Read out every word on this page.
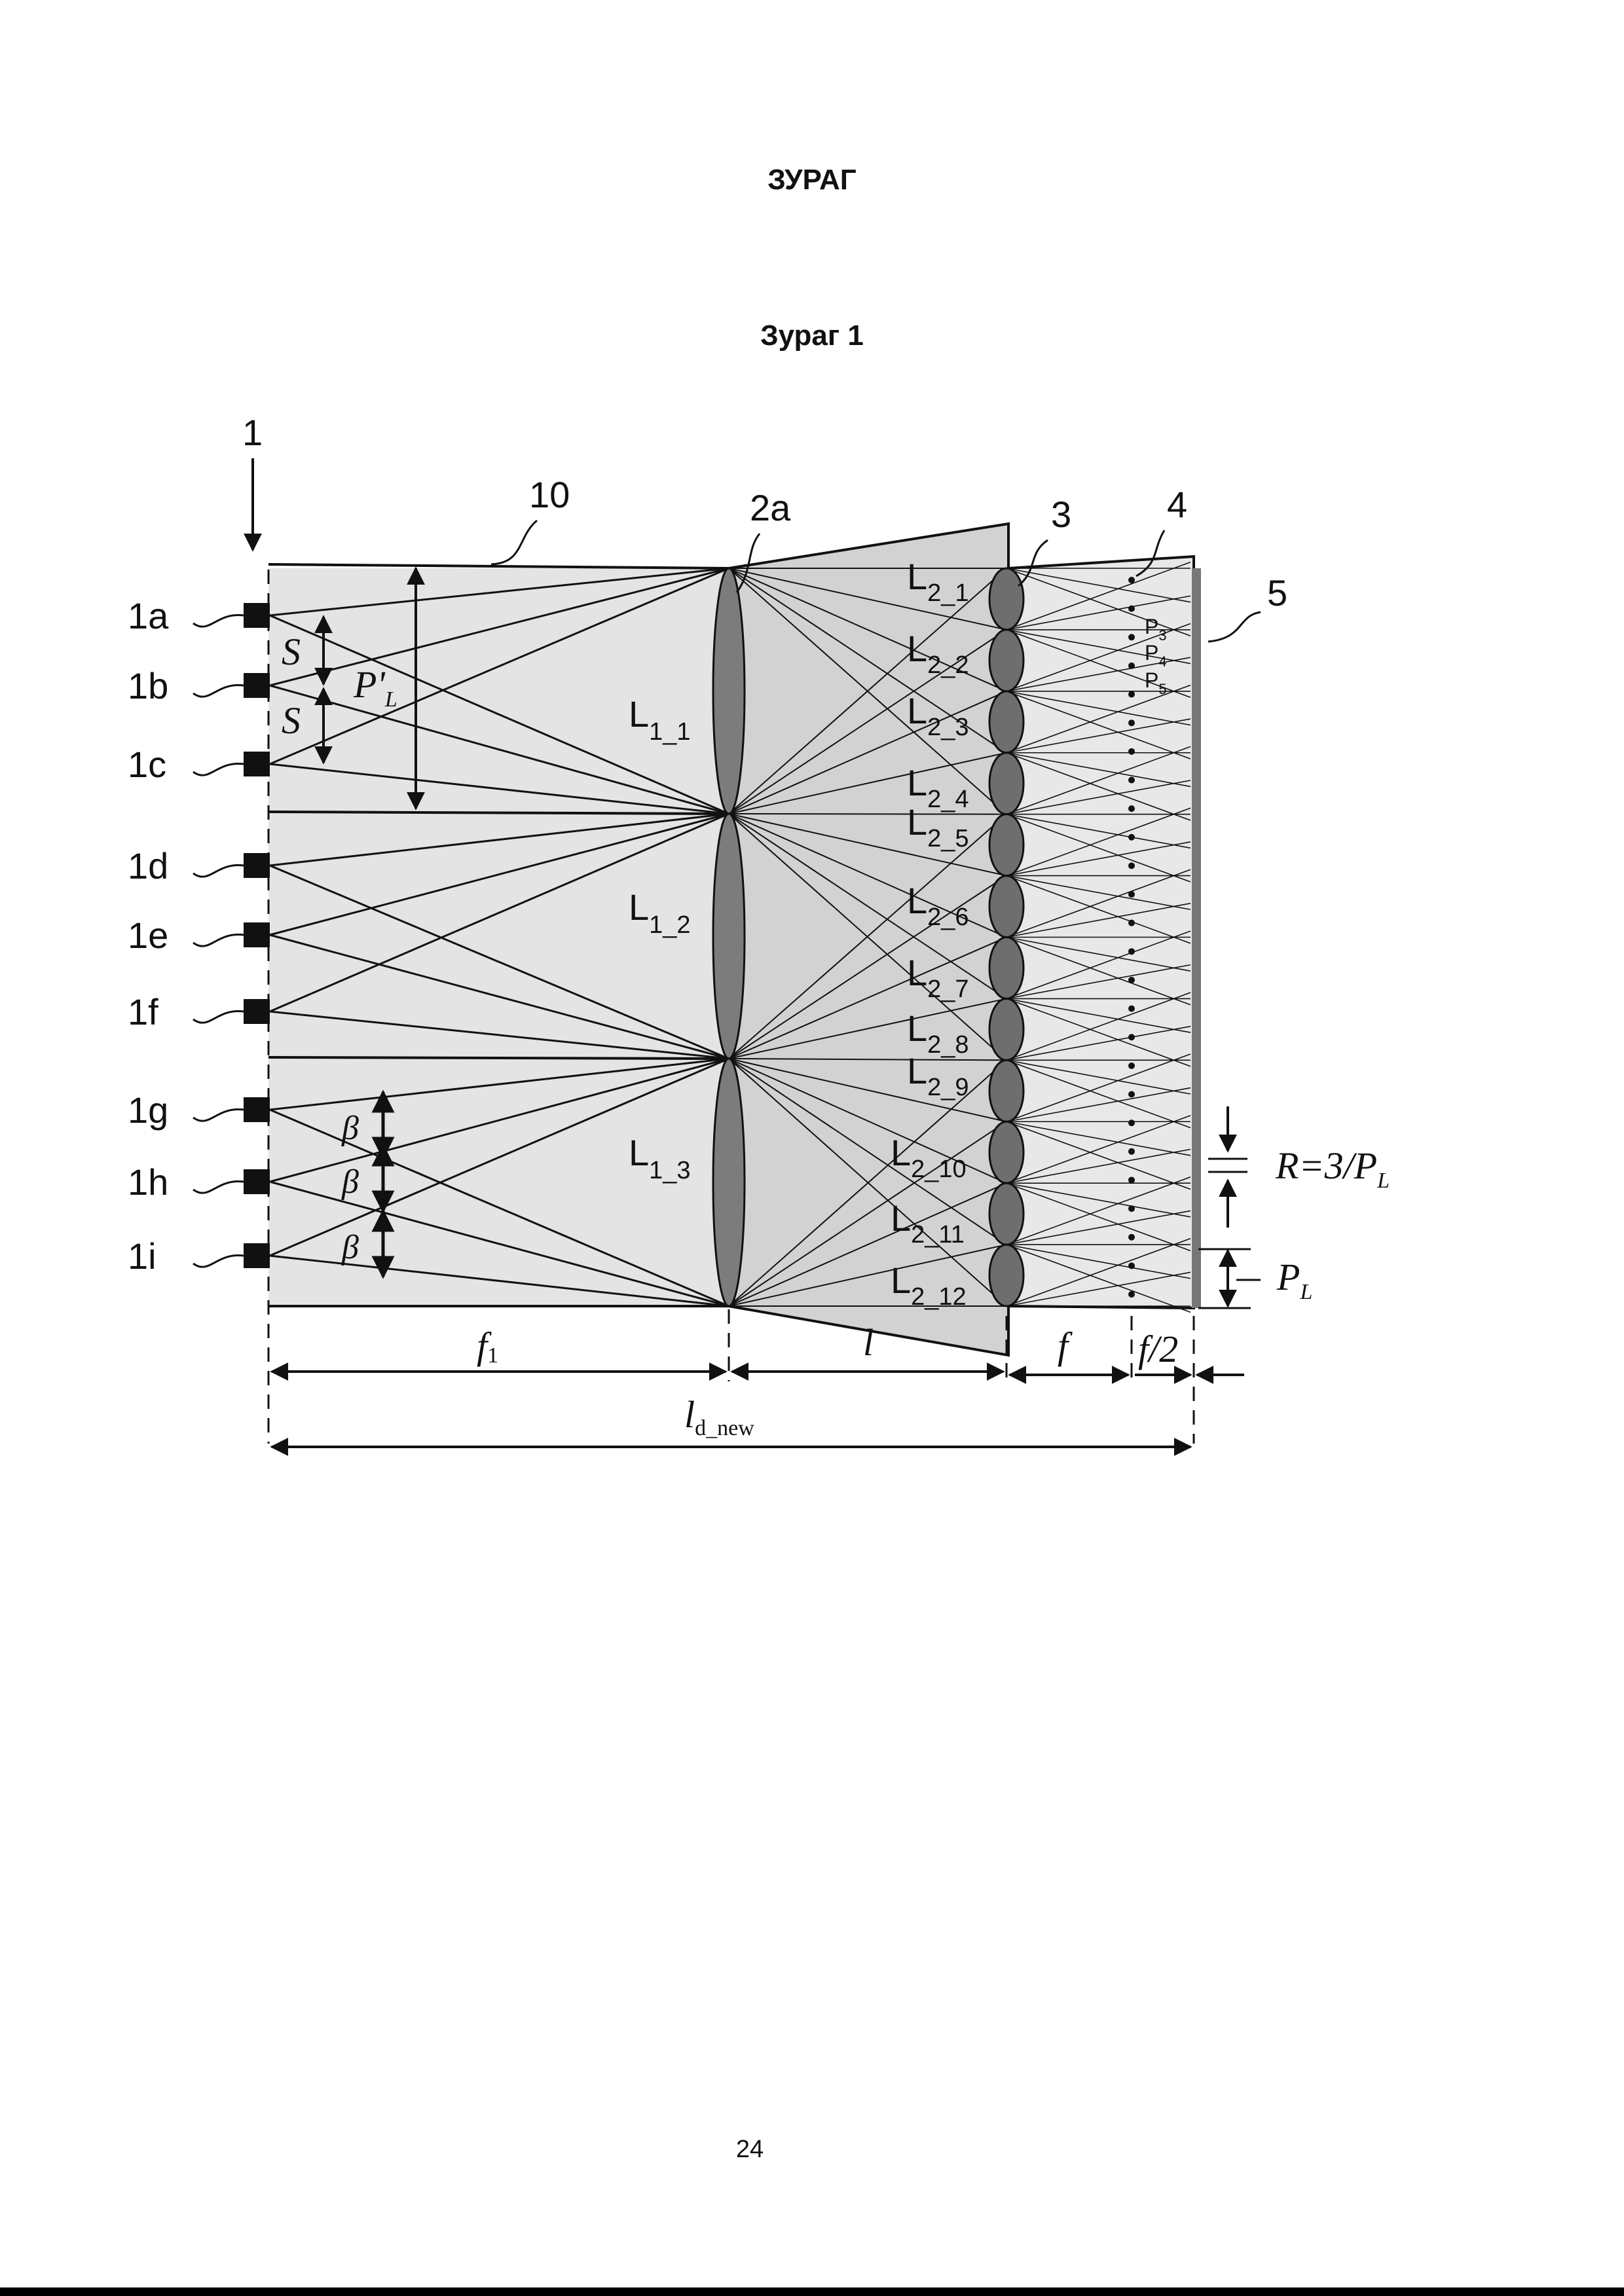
ЗУРАГ
Зураг 1
1
10	2a	3	4
5
1a
1b
1c
1d
1e
1f
1g
1h
1i
$L_{1\_1}$
$L_{1\_2}$
$L_{1\_3}$
$L_{2\_1}$
$L_{2\_2}$
$L_{2\_3}$
$L_{2\_4}$
$L_{2\_5}$
$L_{2\_6}$
$L_{2\_7}$
$L_{2\_8}$
$L_{2\_9}$
$L_{2\_10}$
$L_{2\_11}$
$L_{2\_12}$
$P_3$
$P_4$
$P_5$
S
S
$P'_L$
β
β
β
$R=3/P_L$
$P_L$
f1	l	f f/2
$l_{d\_new}$
24
